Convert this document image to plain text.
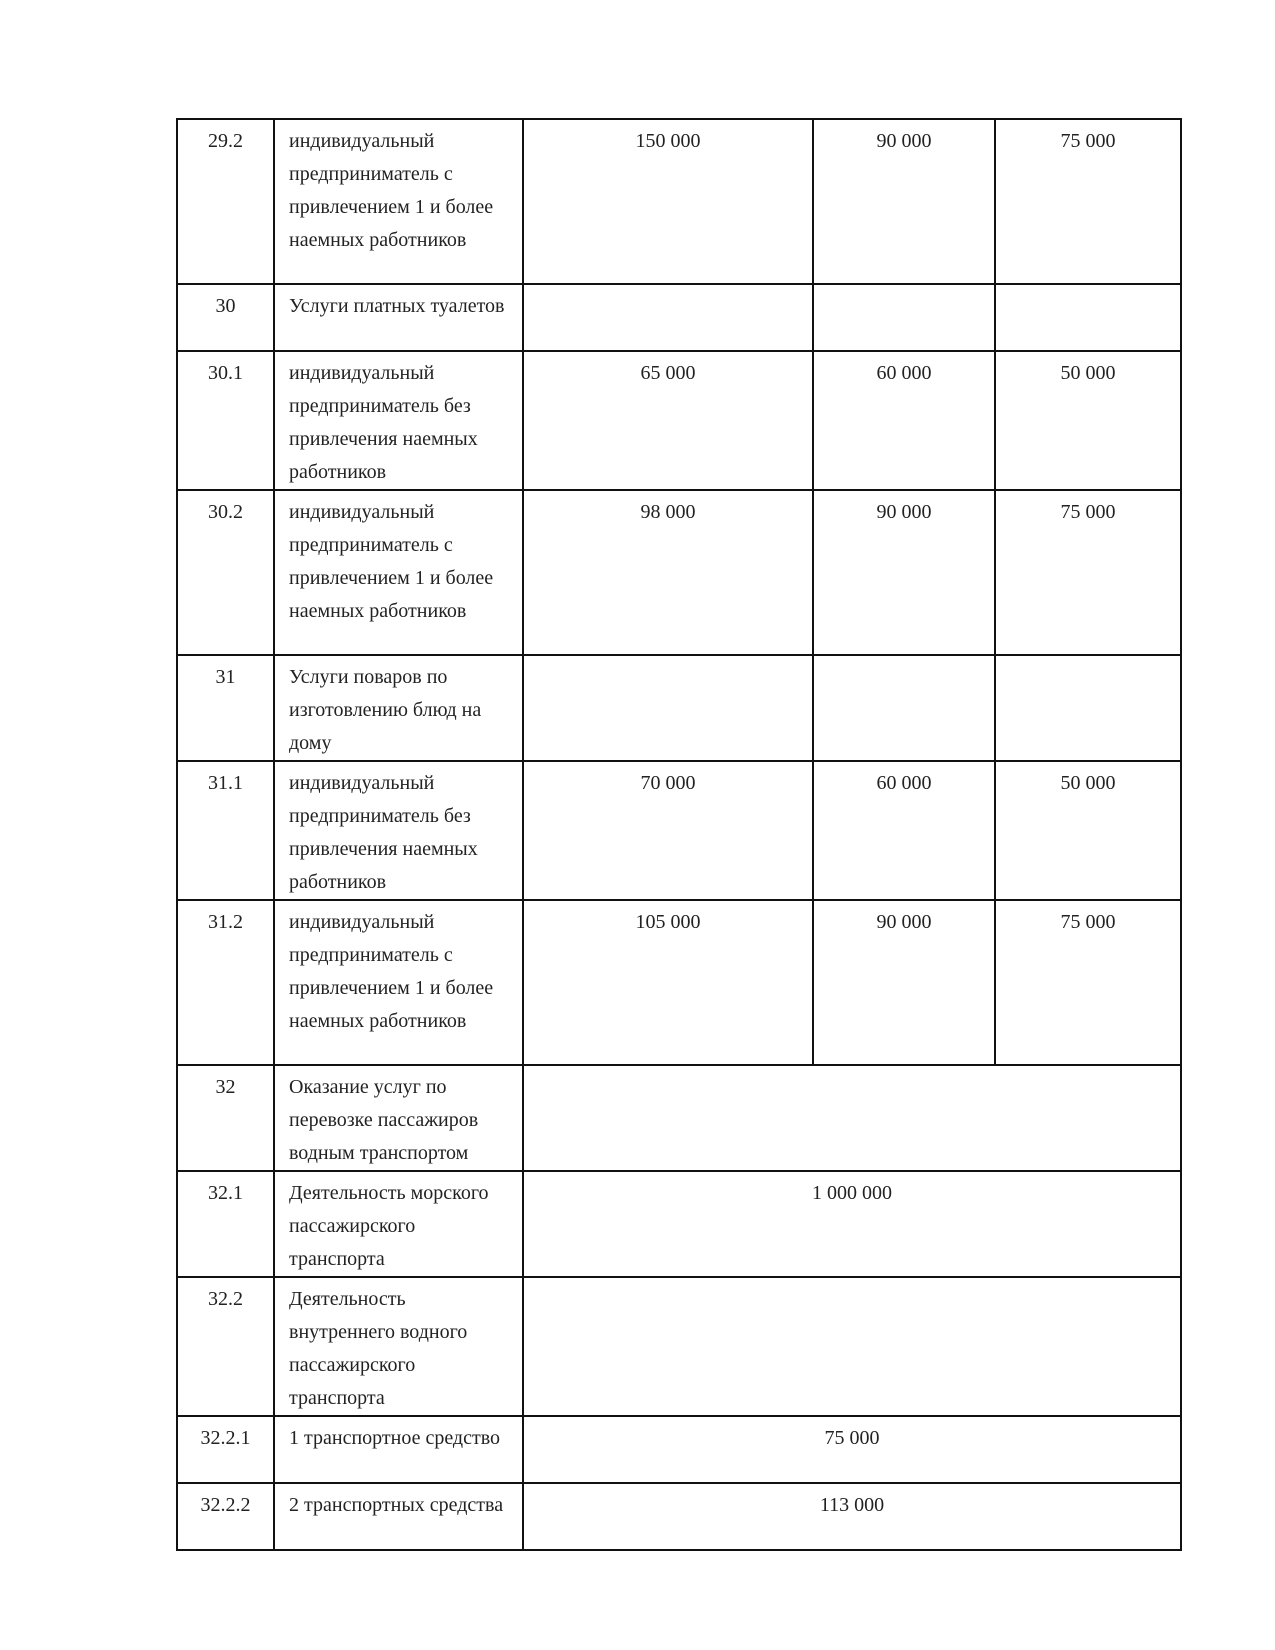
29.2	индивидуальный предприниматель с привлечением 1 и более наемных работников	150 000	90 000	75 000
30	Услуги платных туалетов			
30.1	индивидуальный предприниматель без привлечения наемных работников	65 000	60 000	50 000
30.2	индивидуальный предприниматель с привлечением 1 и более наемных работников	98 000	90 000	75 000
31	Услуги поваров по изготовлению блюд на дому			
31.1	индивидуальный предприниматель без привлечения наемных работников	70 000	60 000	50 000
31.2	индивидуальный предприниматель с привлечением 1 и более наемных работников	105 000	90 000	75 000
32	Оказание услуг по перевозке пассажиров водным транспортом			
32.1	Деятельность морского пассажирского транспорта	1 000 000		
32.2	Деятельность внутреннего водного пассажирского транспорта			
32.2.1	1 транспортное средство	75 000		
32.2.2	2 транспортных средства	113 000		
